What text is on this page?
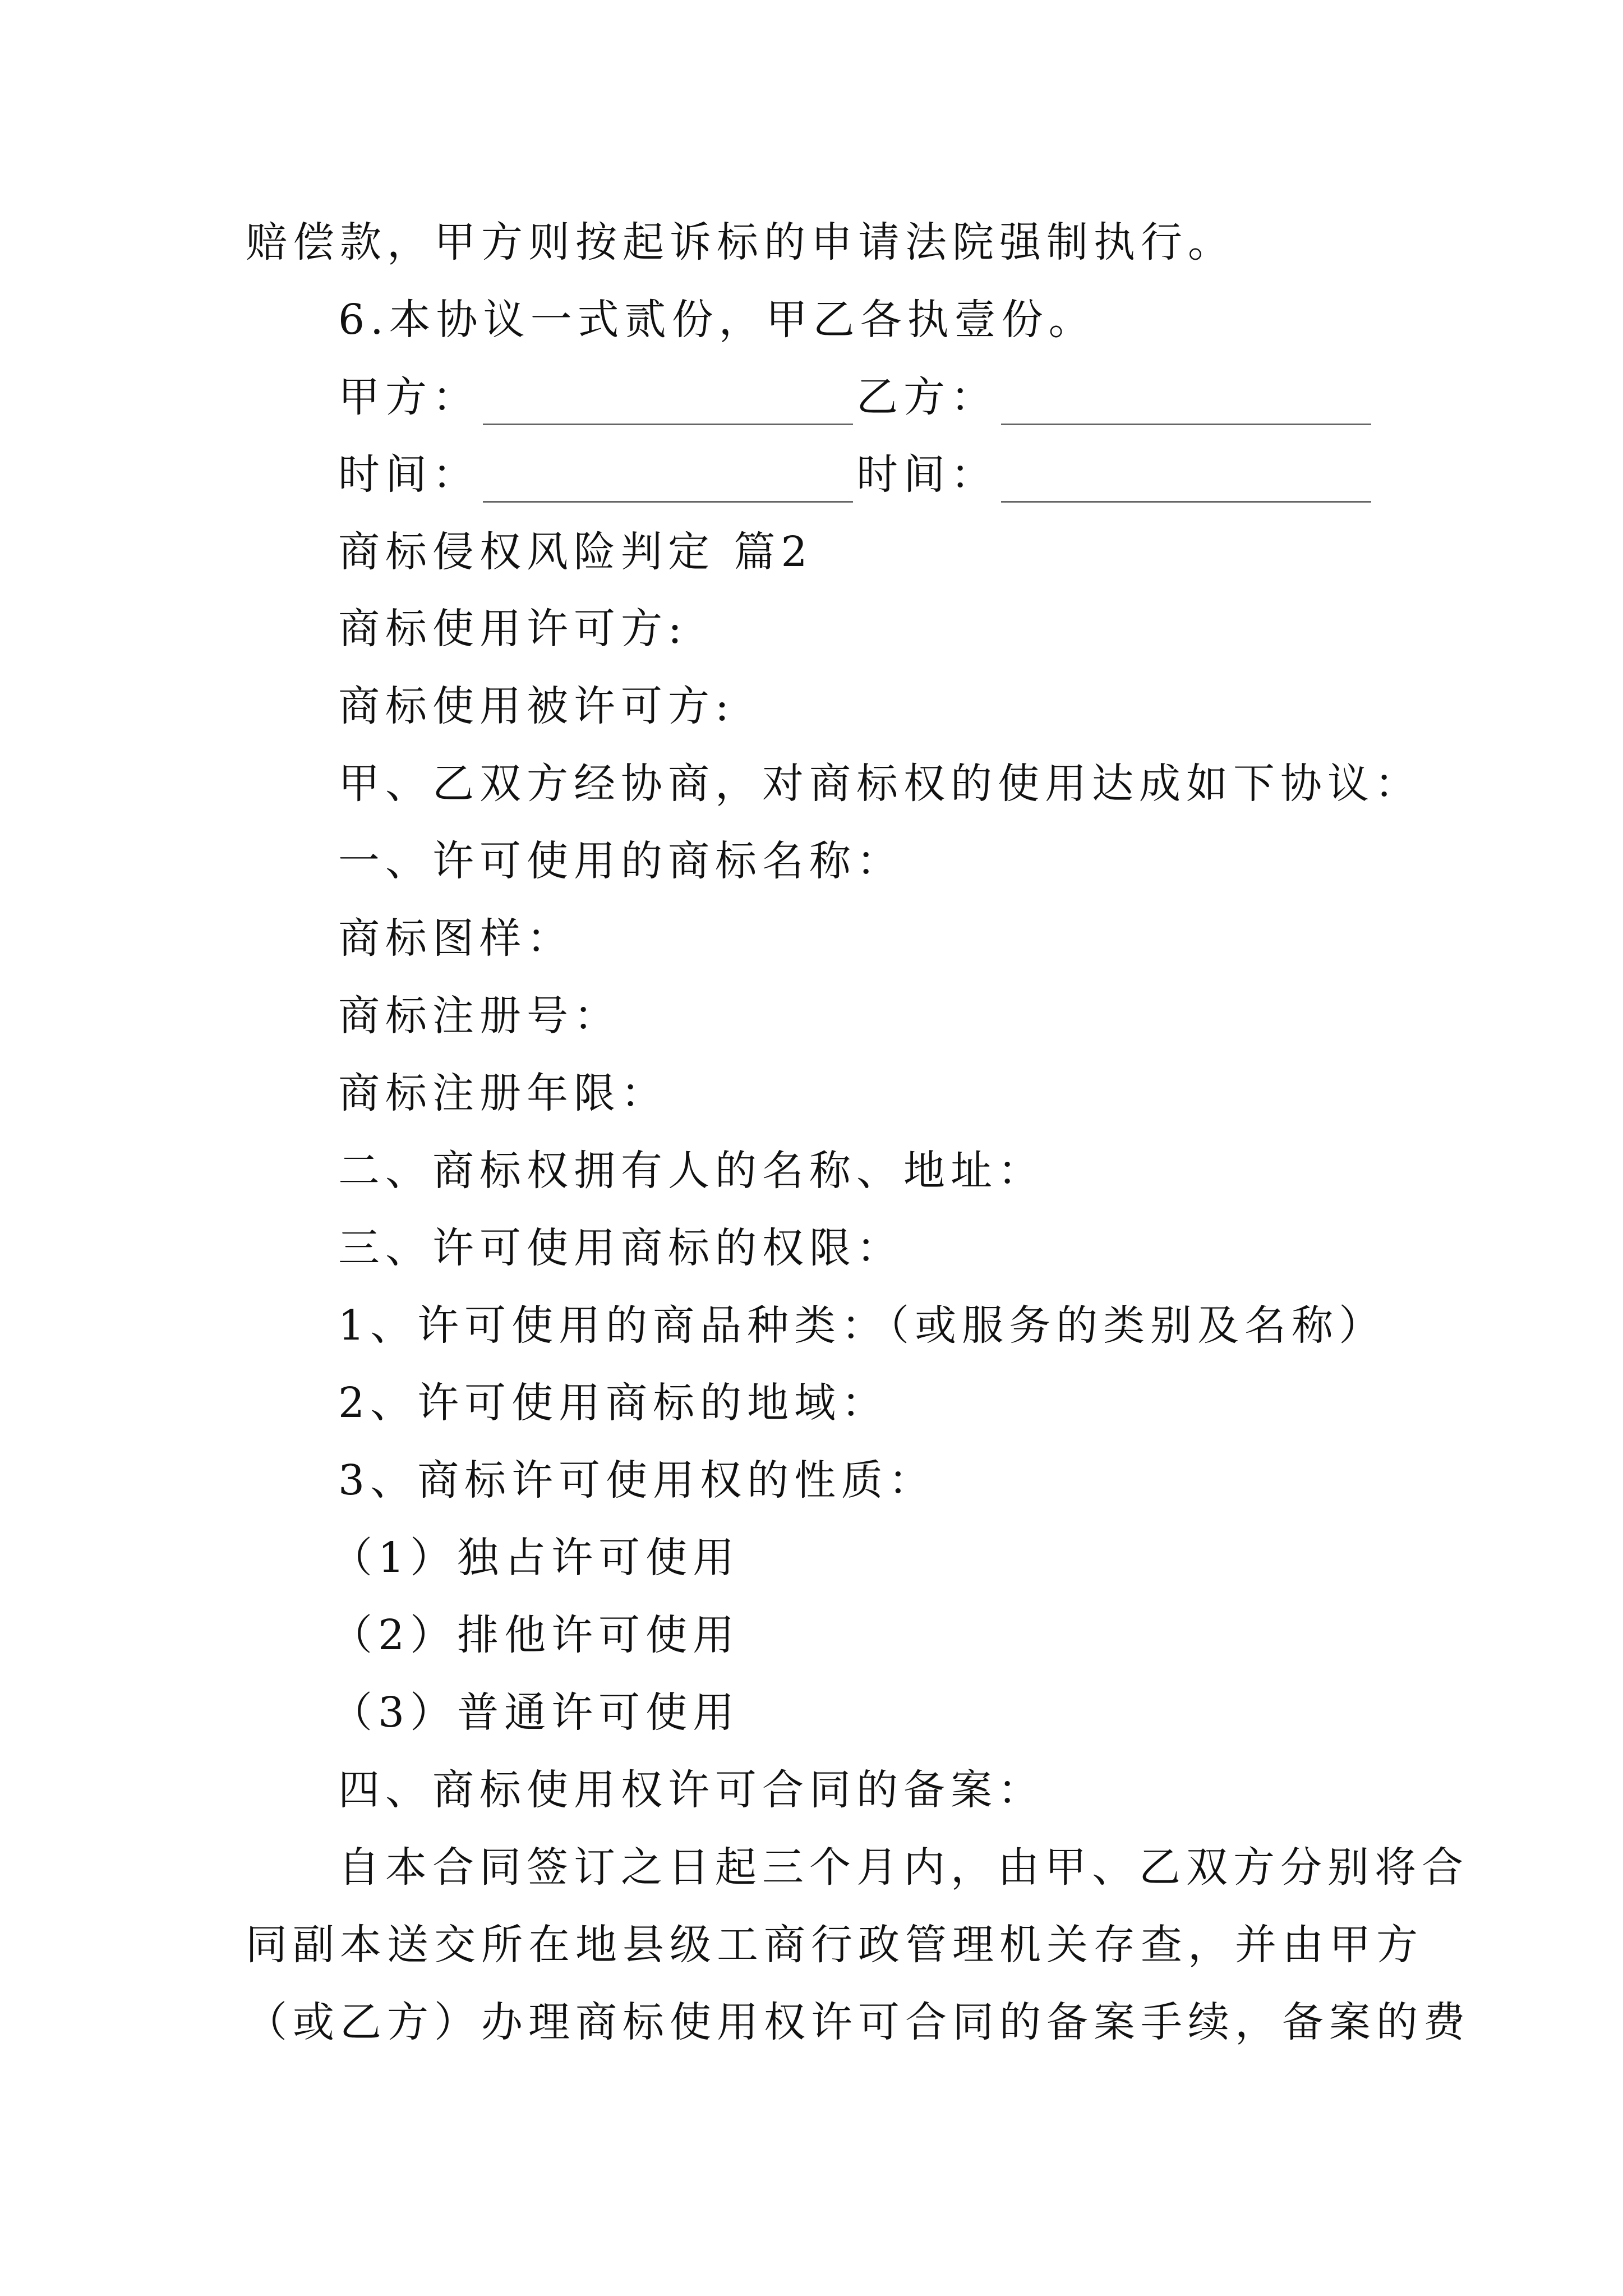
赔偿款，甲方则按起诉标的申请法院强制执行。
6.本协议一式贰份，甲乙各执壹份。
甲方：	乙方：
时间：	时间：
商标侵权风险判定 篇2
商标使用许可方:
商标使用被许可方:
甲、乙双方经协商，对商标权的使用达成如下协议：
一、许可使用的商标名称：
商标图样：
商标注册号：
商标注册年限：
二、商标权拥有人的名称、地址：
三、许可使用商标的权限：
1、许可使用的商品种类：（或服务的类别及名称）
2、许可使用商标的地域：
3、商标许可使用权的性质：
（1）独占许可使用
（2）排他许可使用
（3）普通许可使用
四、商标使用权许可合同的备案：
自本合同签订之日起三个月内，由甲、乙双方分别将合
同副本送交所在地县级工商行政管理机关存查，并由甲方
（或乙方）办理商标使用权许可合同的备案手续，备案的费
